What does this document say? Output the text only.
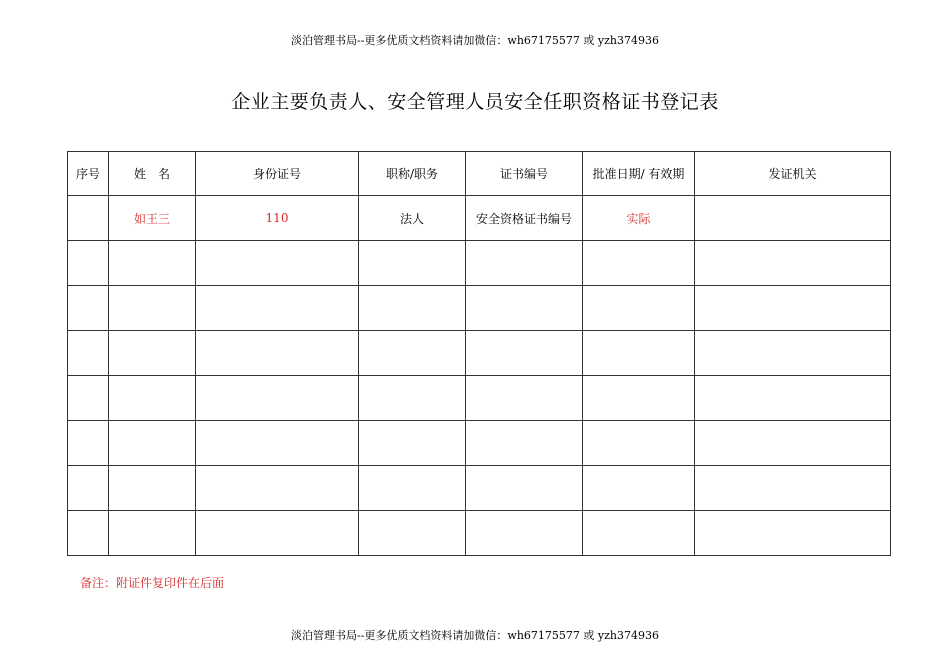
淡泊管理书局--更多优质文档资料请加微信：wh67175577 或 yzh374936
企业主要负责人、安全管理人员安全任职资格证书登记表
序号	姓　名	身份证号	职称/职务	证书编号	批准日期/ 有效期	发证机关
	如王三	110	法人	安全资格证书编号	实际	

备注：附证件复印件在后面
淡泊管理书局--更多优质文档资料请加微信：wh67175577 或 yzh374936
